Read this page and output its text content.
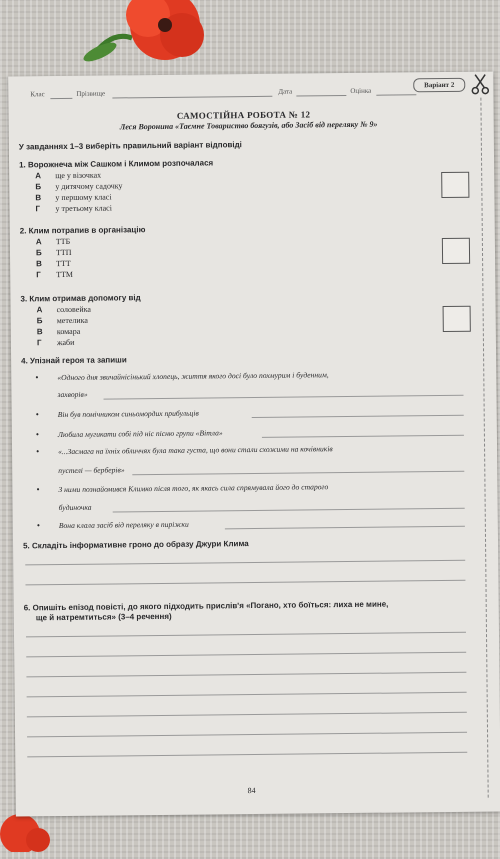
Клас	Прізвище	Дата	Оцінка
Варіант 2
САМОСТІЙНА РОБОТА № 12
Леся Воронина «Таємне Товариство боягузів, або Засіб від переляку № 9»
У завданнях 1–3 виберіть правильний варіант відповіді
1. Ворожнеча між Сашком і Климом розпочалася
А ще у візочках
Б у дитячому садочку
В у першому класі
Г у третьому класі
2. Клим потрапив в організацію
А ТТБ
Б ТТП
В ТТТ
Г ТТМ
3. Клим отримав допомогу від
А соловейка
Б метелика
В комара
Г жаби
4. Упізнай героя та запиши
• «Одного дня звичайнісінький хлопець, життя якого досі було похмурим і буденним,
захворів»
• Він був помічником синьомордих прибульців
• Любила мугикати собі під ніс пісню групи «Вітла»
• «...Засмага на їхніх обличчях була така густа, що вони стали схожими на кочівників
пустелі — берберів»
• З ними познайомився Климко після того, як якась сила спрямувала його до старого
будиночка
• Вона клала засіб від переляку в пиріжки
5. Складіть інформативне гроно до образу Джури Клима
6. Опишіть епізод повісті, до якого підходить прислів'я «Погано, хто боїться: лиха не мине,
ще й натремтиться» (3–4 речення)
84
